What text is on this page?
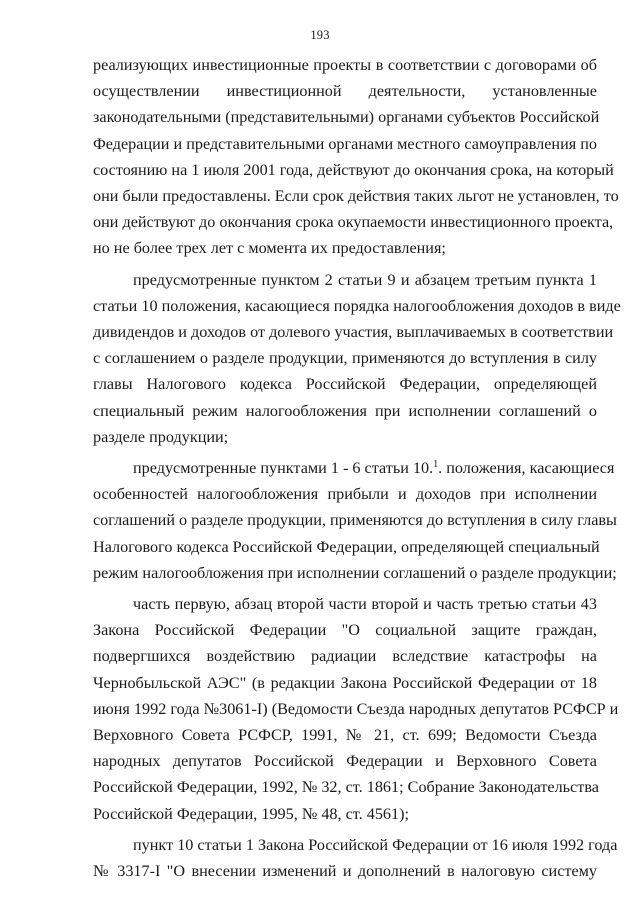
193
реализующих инвестиционные проекты в соответствии с договорами об
осуществлении инвестиционной деятельности, установленные
законодательными (представительными) органами субъектов Российской
Федерации и представительными органами местного самоуправления по
состоянию на 1 июля 2001 года, действуют до окончания срока, на который
они были предоставлены. Если срок действия таких льгот не установлен, то
они действуют до окончания срока окупаемости инвестиционного проекта,
но не более трех лет с момента их предоставления;
предусмотренные пунктом 2 статьи 9 и абзацем третьим пункта 1
статьи 10 положения, касающиеся порядка налогообложения доходов в виде
дивидендов и доходов от долевого участия, выплачиваемых в соответствии
с соглашением о разделе продукции, применяются до вступления в силу
главы Налогового кодекса Российской Федерации, определяющей
специальный режим налогообложения при исполнении соглашений о
разделе продукции;
предусмотренные пунктами 1 - 6 статьи 10.$^1$. положения, касающиеся
особенностей налогообложения прибыли и доходов при исполнении
соглашений о разделе продукции, применяются до вступления в силу главы
Налогового кодекса Российской Федерации, определяющей специальный
режим налогообложения при исполнении соглашений о разделе продукции;
часть первую, абзац второй части второй и часть третью статьи 43
Закона Российской Федерации "О социальной защите граждан,
подвергшихся воздействию радиации вследствие катастрофы на
Чернобыльской АЭС" (в редакции Закона Российской Федерации от 18
июня 1992 года №3061-I) (Ведомости Съезда народных депутатов РСФСР и
Верховного Совета РСФСР, 1991, № 21, ст. 699; Ведомости Съезда
народных депутатов Российской Федерации и Верховного Совета
Российской Федерации, 1992, № 32, ст. 1861; Собрание Законодательства
Российской Федерации, 1995, № 48, ст. 4561);
пункт 10 статьи 1 Закона Российской Федерации от 16 июля 1992 года
№ 3317-I "О внесении изменений и дополнений в налоговую систему
